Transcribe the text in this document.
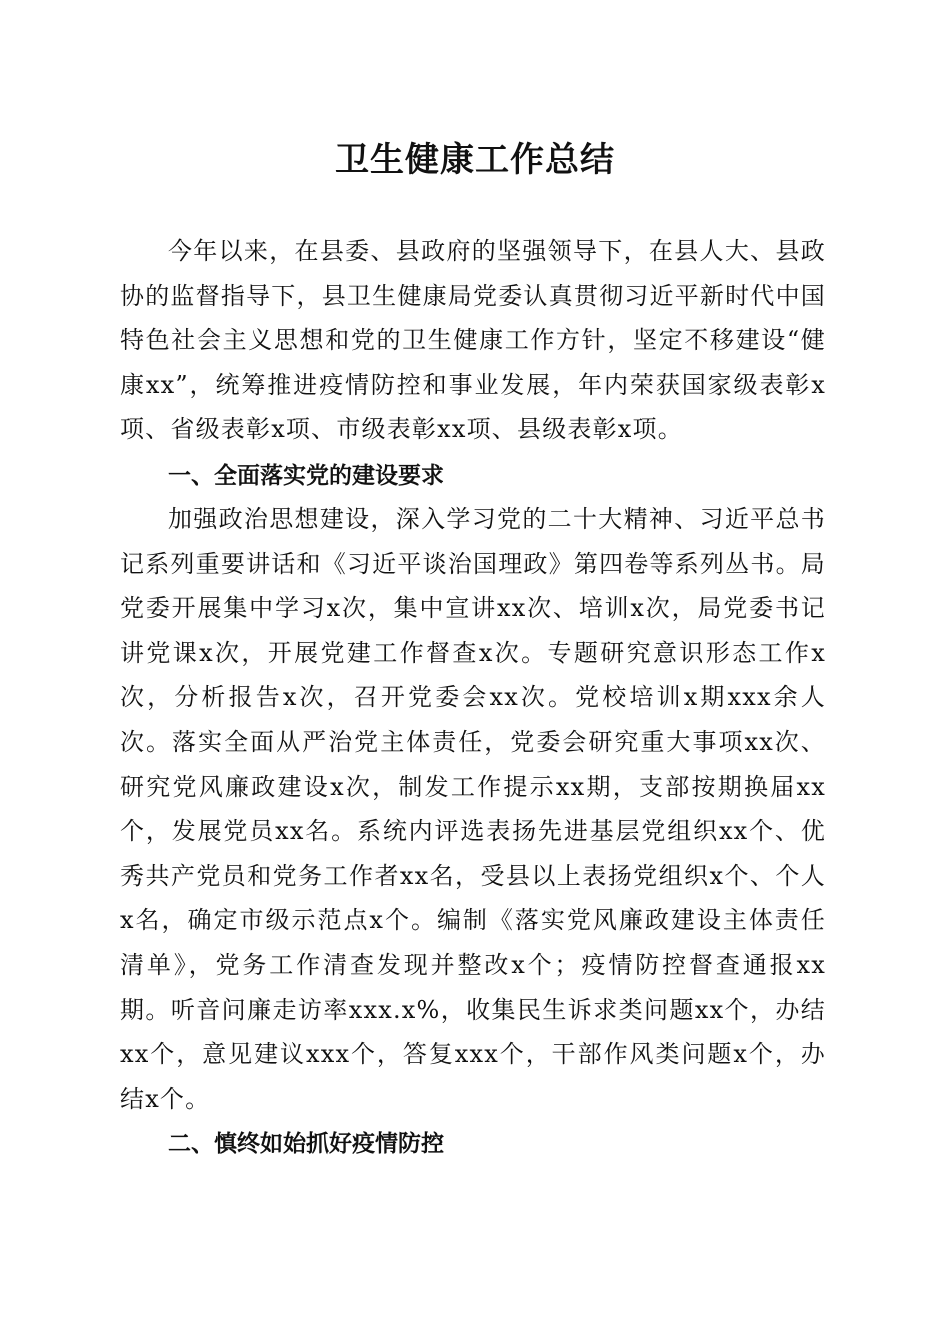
卫生健康工作总结

今年以来，在县委、县政府的坚强领导下，在县人大、县政协的监督指导下，县卫生健康局党委认真贯彻习近平新时代中国特色社会主义思想和党的卫生健康工作方针，坚定不移建设“健康xx”，统筹推进疫情防控和事业发展，年内荣获国家级表彰x项、省级表彰x项、市级表彰xx项、县级表彰x项。

一、全面落实党的建设要求

加强政治思想建设，深入学习党的二十大精神、习近平总书记系列重要讲话和《习近平谈治国理政》第四卷等系列丛书。局党委开展集中学习x次，集中宣讲xx次、培训x次，局党委书记讲党课x次，开展党建工作督查x次。专题研究意识形态工作x次，分析报告x次，召开党委会xx次。党校培训x期xxx余人次。落实全面从严治党主体责任，党委会研究重大事项xx次、研究党风廉政建设x次，制发工作提示xx期，支部按期换届xx个，发展党员xx名。系统内评选表扬先进基层党组织xx个、优秀共产党员和党务工作者xx名，受县以上表扬党组织x个、个人x名，确定市级示范点x个。编制《落实党风廉政建设主体责任清单》，党务工作清查发现并整改x个；疫情防控督查通报xx期。听音问廉走访率xxx.x%，收集民生诉求类问题xx个，办结xx个，意见建议xxx个，答复xxx个，干部作风类问题x个，办结x个。

二、慎终如始抓好疫情防控
